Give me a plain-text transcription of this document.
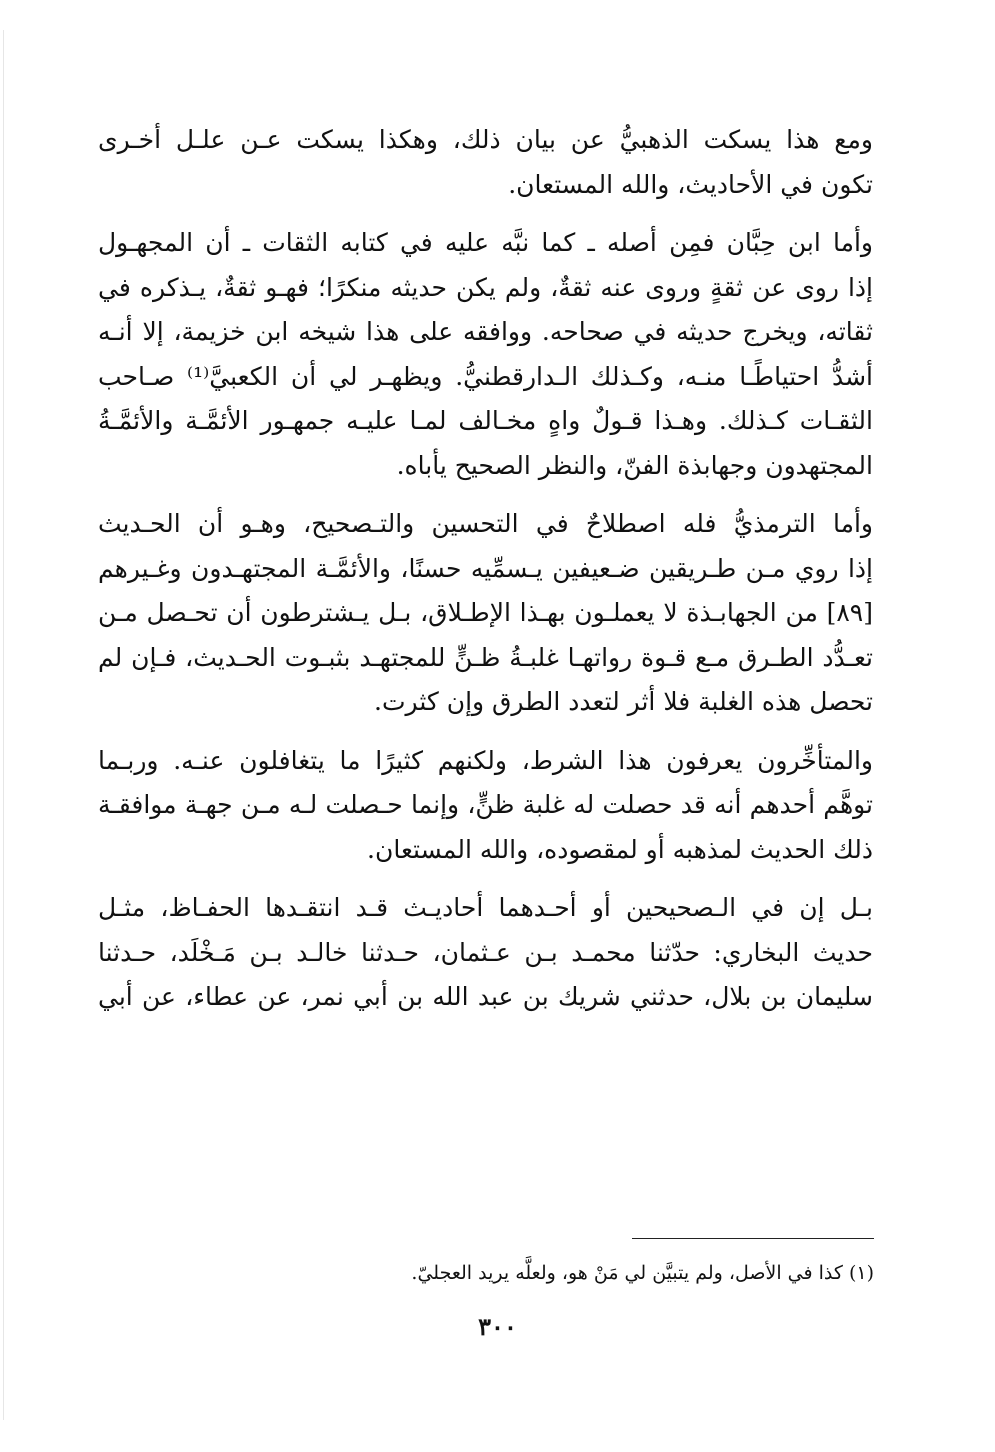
ومع هذا يسكت الذهبيُّ عن بيان ذلك، وهكذا يسكت عـن علـل أخـرى
تكون في الأحاديث، والله المستعان.

وأما ابن حِبَّان فمِن أصله ـ كما نبَّه عليه في كتابه الثقات ـ أن المجهـول
إذا روى عن ثقةٍ وروى عنه ثقةٌ، ولم يكن حديثه منكرًا؛ فهـو ثقةٌ، يـذكره في
ثقاته، ويخرج حديثه في صحاحه. ووافقه على هذا شيخه ابن خزيمة، إلا أنـه
أشدُّ احتياطًـا منـه، وكـذلك الـدارقطنيُّ. ويظهـر لي أن الكعبيَّ⁽¹⁾ صـاحب
الثقـات كـذلك. وهـذا قـولٌ واهٍ مخـالف لمـا عليـه جمهـور الأئمَّـة والأئمَّـةُ
المجتهدون وجهابذة الفنّ، والنظر الصحيح يأباه.

وأما الترمذيُّ فله اصطلاحٌ في التحسين والتـصحيح، وهـو أن الحـديث
إذا روي مـن طـريقين ضـعيفين يـسمِّيه حسنًا، والأئمَّـة المجتهـدون وغـيرهم
[٨٩] من الجهابـذة لا يعملـون بهـذا الإطـلاق، بـل يـشترطون أن تحـصل مـن
تعـدُّد الطـرق مـع قـوة رواتهـا غلبـةُ ظـنٍّ للمجتهـد بثبـوت الحـديث، فـإن لم
تحصل هذه الغلبة فلا أثر لتعدد الطرق وإن كثرت.

والمتأخِّرون يعرفون هذا الشرط، ولكنهم كثيرًا ما يتغافلون عنـه. وربـما
توهَّم أحدهم أنه قد حصلت له غلبة ظنٍّ، وإنما حـصلت لـه مـن جهـة موافقـة
ذلك الحديث لمذهبه أو لمقصوده، والله المستعان.

بـل إن في الـصحيحين أو أحـدهما أحاديـث قـد انتقـدها الحفـاظ، مثـل
حديث البخاري: حدّثنا محمـد بـن عـثمان، حـدثنا خالـد بـن مَـخْلَد، حـدثنا
سليمان بن بلال، حدثني شريك بن عبد الله بن أبي نمر، عن عطاء، عن أبي

(١) كذا في الأصل، ولم يتبيَّن لي مَنْ هو، ولعلَّه يريد العجليّ.
٣٠٠
